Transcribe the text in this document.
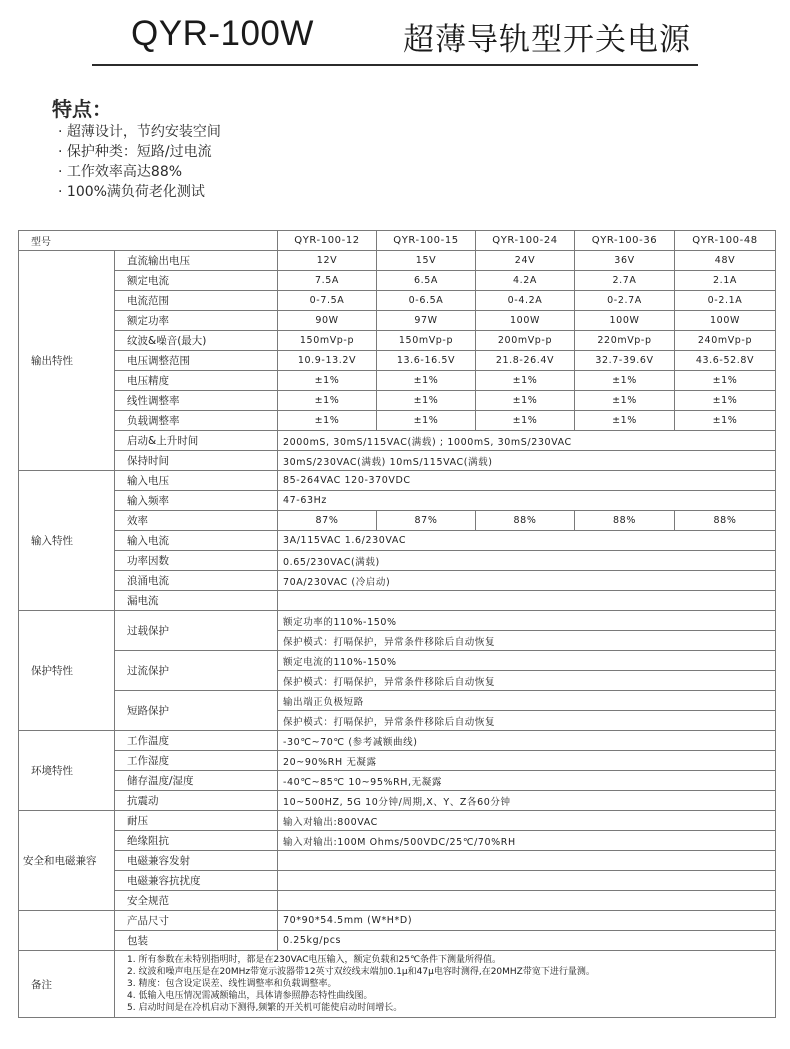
QYR-100W	超薄导轨型开关电源
特点：
· 超薄设计，节约安装空间
· 保护种类：短路/过电流
· 工作效率高达88%
· 100%满负荷老化测试
型号		QYR-100-12	QYR-100-15	QYR-100-24	QYR-100-36	QYR-100-48
输出特性	直流输出电压	12V	15V	24V	36V	48V
	额定电流	7.5A	6.5A	4.2A	2.7A	2.1A
	电流范围	0-7.5A	0-6.5A	0-4.2A	0-2.7A	0-2.1A
	额定功率	90W	97W	100W	100W	100W
	纹波&噪音(最大)	150mVp-p	150mVp-p	200mVp-p	220mVp-p	240mVp-p
	电压调整范围	10.9-13.2V	13.6-16.5V	21.8-26.4V	32.7-39.6V	43.6-52.8V
	电压精度	±1%	±1%	±1%	±1%	±1%
	线性调整率	±1%	±1%	±1%	±1%	±1%
	负载调整率	±1%	±1%	±1%	±1%	±1%
	启动&上升时间	2000mS, 30mS/115VAC(满载) ; 1000mS, 30mS/230VAC				
	保持时间	30mS/230VAC(满载) 10mS/115VAC(满载)				
输入特性	输入电压	85-264VAC 120-370VDC				
	输入频率	47-63Hz				
	效率	87%	87%	88%	88%	88%
	输入电流	3A/115VAC 1.6/230VAC				
	功率因数	0.65/230VAC(满载)				
	浪涌电流	70A/230VAC (冷启动)				
	漏电流					
保护特性	过载保护	额定功率的110%-150%				
		保护模式：打嗝保护，异常条件移除后自动恢复				
	过流保护	额定电流的110%-150%				
		保护模式：打嗝保护，异常条件移除后自动恢复				
	短路保护	输出端正负极短路				
		保护模式：打嗝保护，异常条件移除后自动恢复				
环境特性	工作温度	-30℃~70℃ (参考减额曲线)				
	工作湿度	20~90%RH 无凝露				
	储存温度/湿度	-40℃~85℃ 10~95%RH,无凝露				
	抗震动	10~500HZ, 5G 10分钟/周期,X、Y、Z各60分钟				
安全和电磁兼容	耐压	输入对输出:800VAC				
	绝缘阻抗	输入对输出:100M Ohms/500VDC/25℃/70%RH				
	电磁兼容发射					
	电磁兼容抗扰度					
	安全规范					
	产品尺寸	70*90*54.5mm (W*H*D)				
	包装	0.25kg/pcs				
备注	1. 所有参数在未特别指明时，都是在230VAC电压输入，额定负载和25℃条件下测量所得值。
2. 纹波和噪声电压是在20MHz带宽示波器带12英寸双绞线末端加0.1μ和47μ电容时测得,在20MHZ带宽下进行量测。
3. 精度：包含设定误差、线性调整率和负载调整率。
4. 低输入电压情况需减额输出，具体请参照静态特性曲线图。
5. 启动时间是在冷机启动下测得,频繁的开关机可能使启动时间增长。					
